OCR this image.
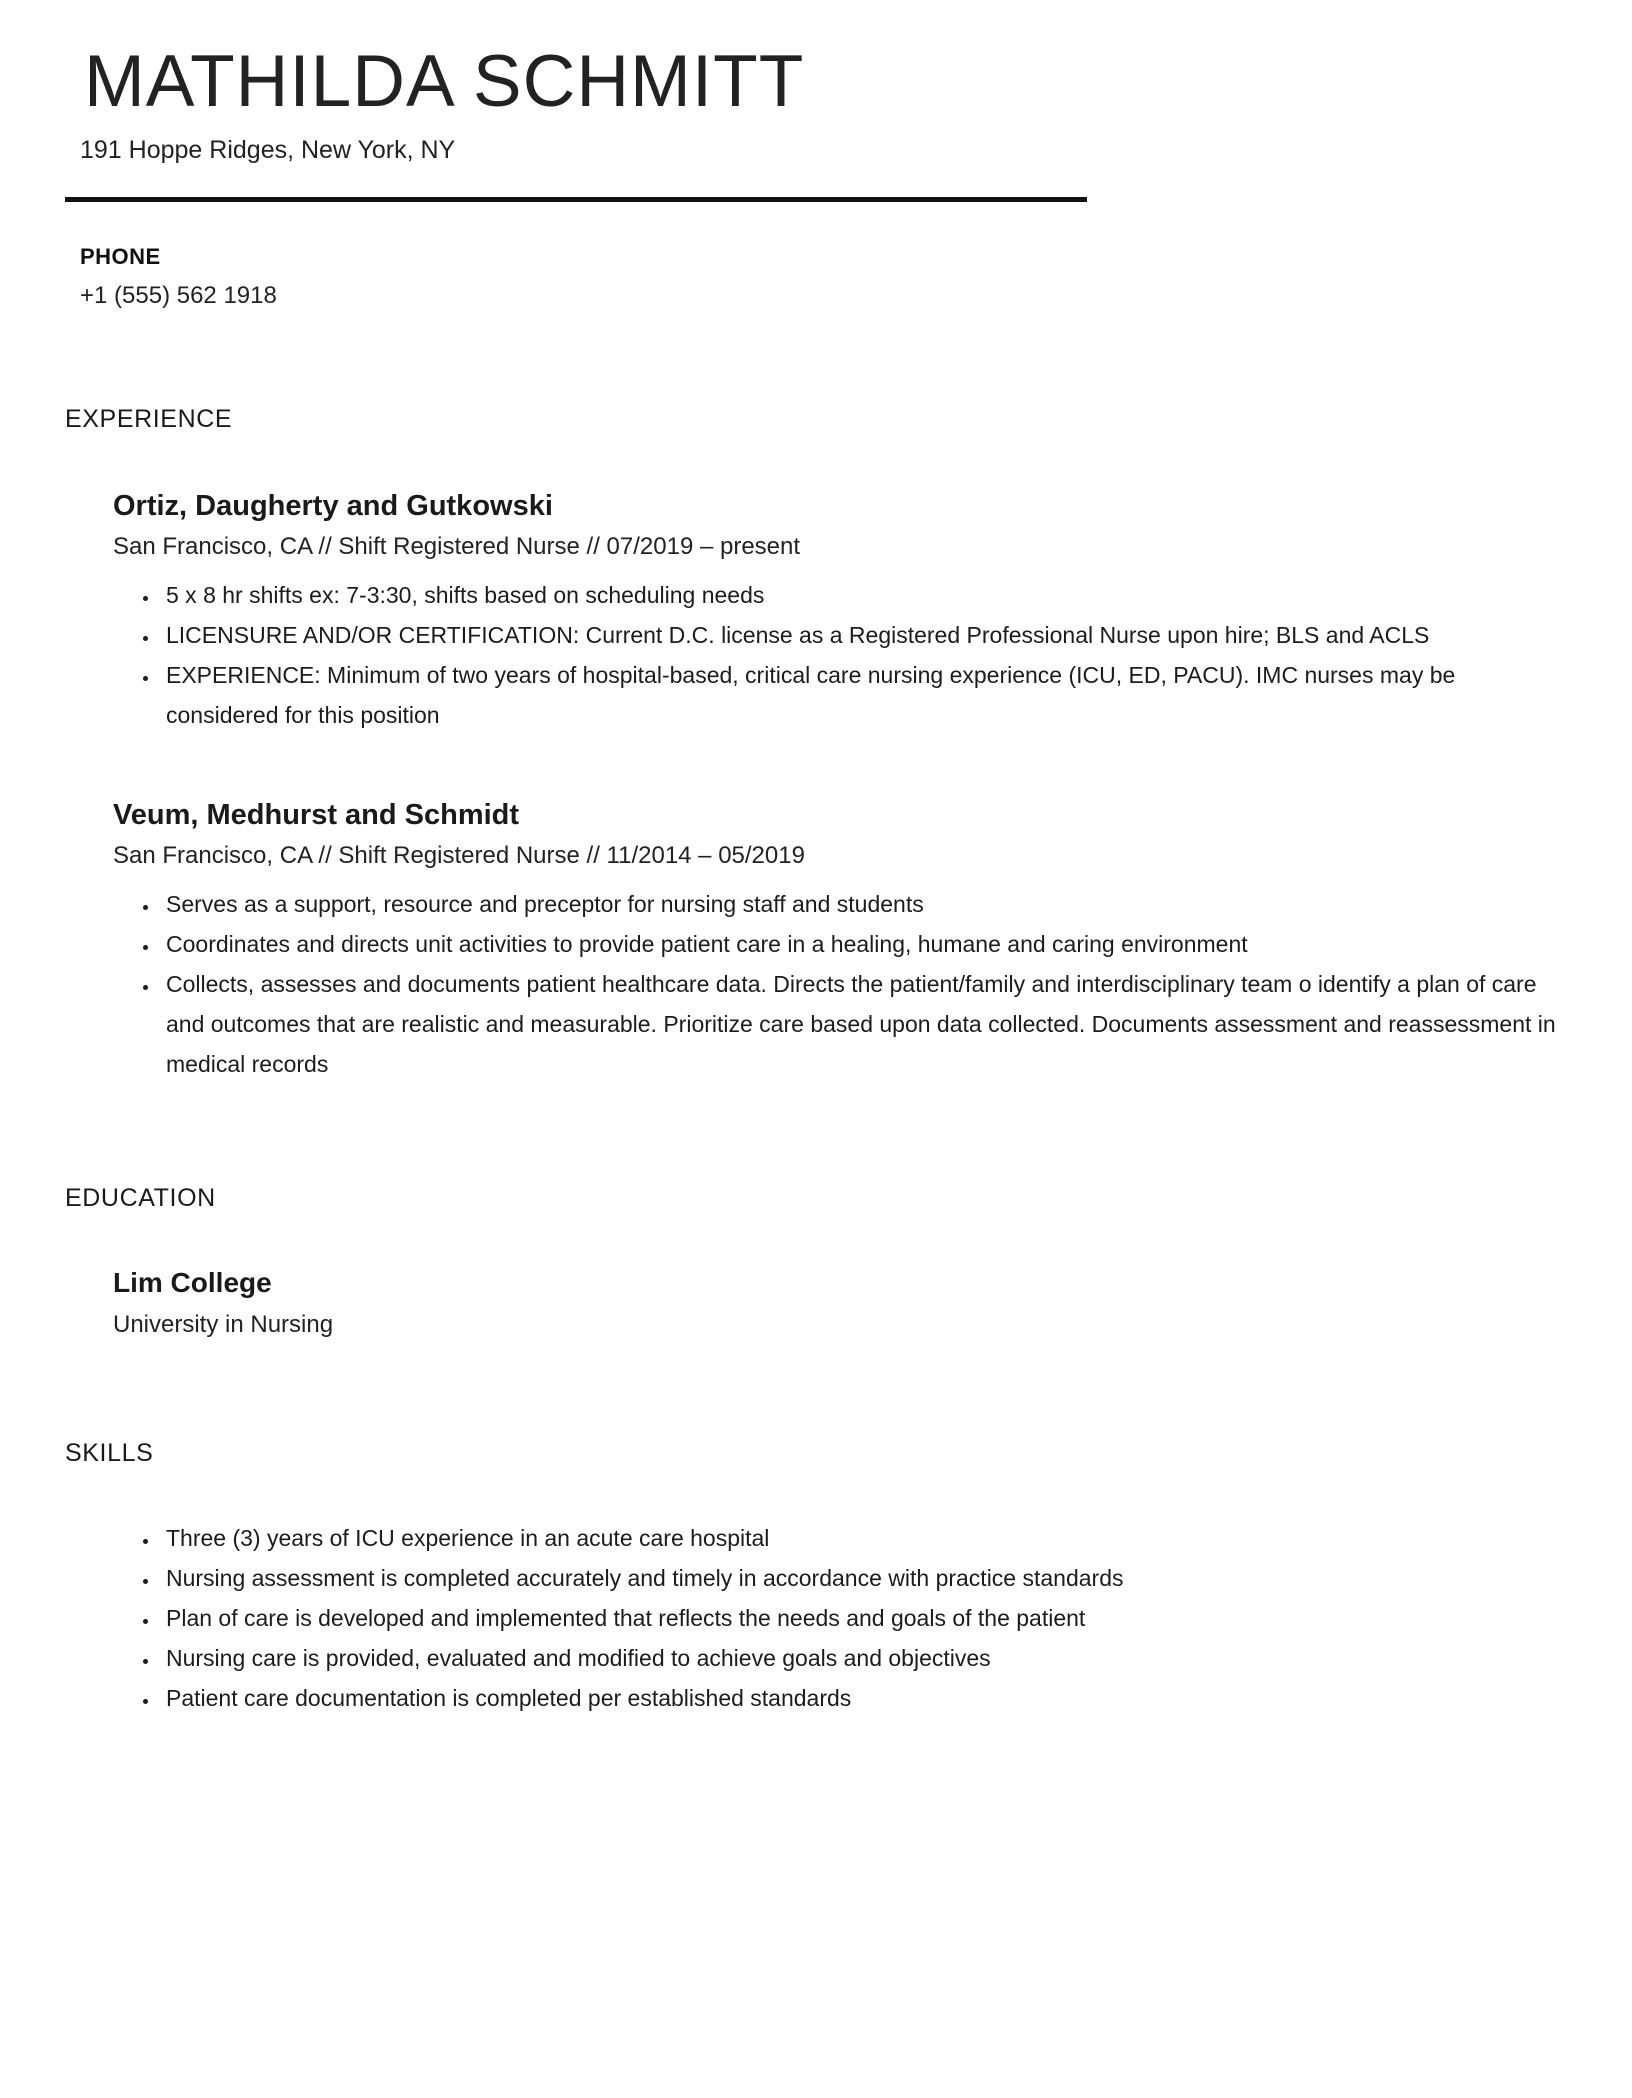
MATHILDA SCHMITT
191 Hoppe Ridges, New York, NY
PHONE
+1 (555) 562 1918
EXPERIENCE
Ortiz, Daugherty and Gutkowski
San Francisco, CA // Shift Registered Nurse // 07/2019 – present
• 5 x 8 hr shifts ex: 7-3:30, shifts based on scheduling needs
• LICENSURE AND/OR CERTIFICATION: Current D.C. license as a Registered Professional Nurse upon hire; BLS and ACLS
• EXPERIENCE: Minimum of two years of hospital-based, critical care nursing experience (ICU, ED, PACU). IMC nurses may be considered for this position
Veum, Medhurst and Schmidt
San Francisco, CA // Shift Registered Nurse // 11/2014 – 05/2019
• Serves as a support, resource and preceptor for nursing staff and students
• Coordinates and directs unit activities to provide patient care in a healing, humane and caring environment
• Collects, assesses and documents patient healthcare data. Directs the patient/family and interdisciplinary team o identify a plan of care and outcomes that are realistic and measurable. Prioritize care based upon data collected. Documents assessment and reassessment in medical records
EDUCATION
Lim College
University in Nursing
SKILLS
• Three (3) years of ICU experience in an acute care hospital
• Nursing assessment is completed accurately and timely in accordance with practice standards
• Plan of care is developed and implemented that reflects the needs and goals of the patient
• Nursing care is provided, evaluated and modified to achieve goals and objectives
• Patient care documentation is completed per established standards
